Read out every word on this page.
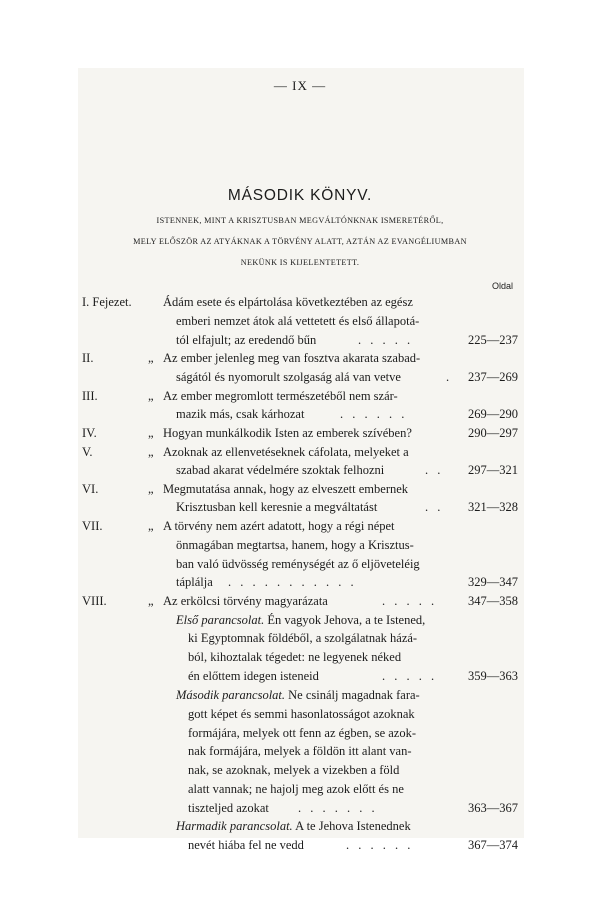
— IX —
MÁSODIK KÖNYV.
ISTENNEK, MINT A KRISZTUSBAN MEGVÁLTÓNKNAK ISMERETÉRŐL,
MELY ELŐSZÖR AZ ATYÁKNAK A TÖRVÉNY ALATT, AZTÁN AZ EVANGÉLIUMBAN
NEKÜNK IS KIJELENTETETT.
Oldal
I. Fejezet.	Ádám esete és elpártolása következtében az egész
emberi nemzet átok alá vettetett és első állapotá-
tól elfajult; az eredendő bűn	. . . . .	225—237
II.	„ Az ember jelenleg meg van fosztva akarata szabad-
ságától és nyomorult szolgaság alá van vetve	. 237—269
III.	„ Az ember megromlott természetéből nem szár-
mazik más, csak kárhozat	. . . . . .	269—290
IV.	„ Hogyan munkálkodik Isten az emberek szívében?	290—297
V.	„ Azoknak az ellenvetéseknek cáfolata, melyeket a
szabad akarat védelmére szoktak felhozni	. . 297—321
VI.	„ Megmutatása annak, hogy az elveszett embernek
Krisztusban kell keresnie a megváltatást	. . 321—328
VII.	„ A törvény nem azért adatott, hogy a régi népet
önmagában megtartsa, hanem, hogy a Krisztus-
ban való üdvösség reménységét az ő eljöveteléig
táplálja . . . . . . . . . . .	329—347
VIII.	„ Az erkölcsi törvény magyarázata	. . . . . 347—358
Első parancsolat. Én vagyok Jehova, a te Istened,
ki Egyptomnak földéből, a szolgálatnak házá-
ból, kihoztalak tégedet: ne legyenek néked
én előttem idegen isteneid	. . . . . 359—363
Második parancsolat. Ne csinálj magadnak fara-
gott képet és semmi hasonlatosságot azoknak
formájára, melyek ott fenn az égben, se azok-
nak formájára, melyek a földön itt alant van-
nak, se azoknak, melyek a vizekben a föld
alatt vannak; ne hajolj meg azok előtt és ne
tiszteljed azokat . . . . . . .	363—367
Harmadik parancsolat. A te Jehova Istenednek
nevét hiába fel ne vedd	. . . . . .	367—374
